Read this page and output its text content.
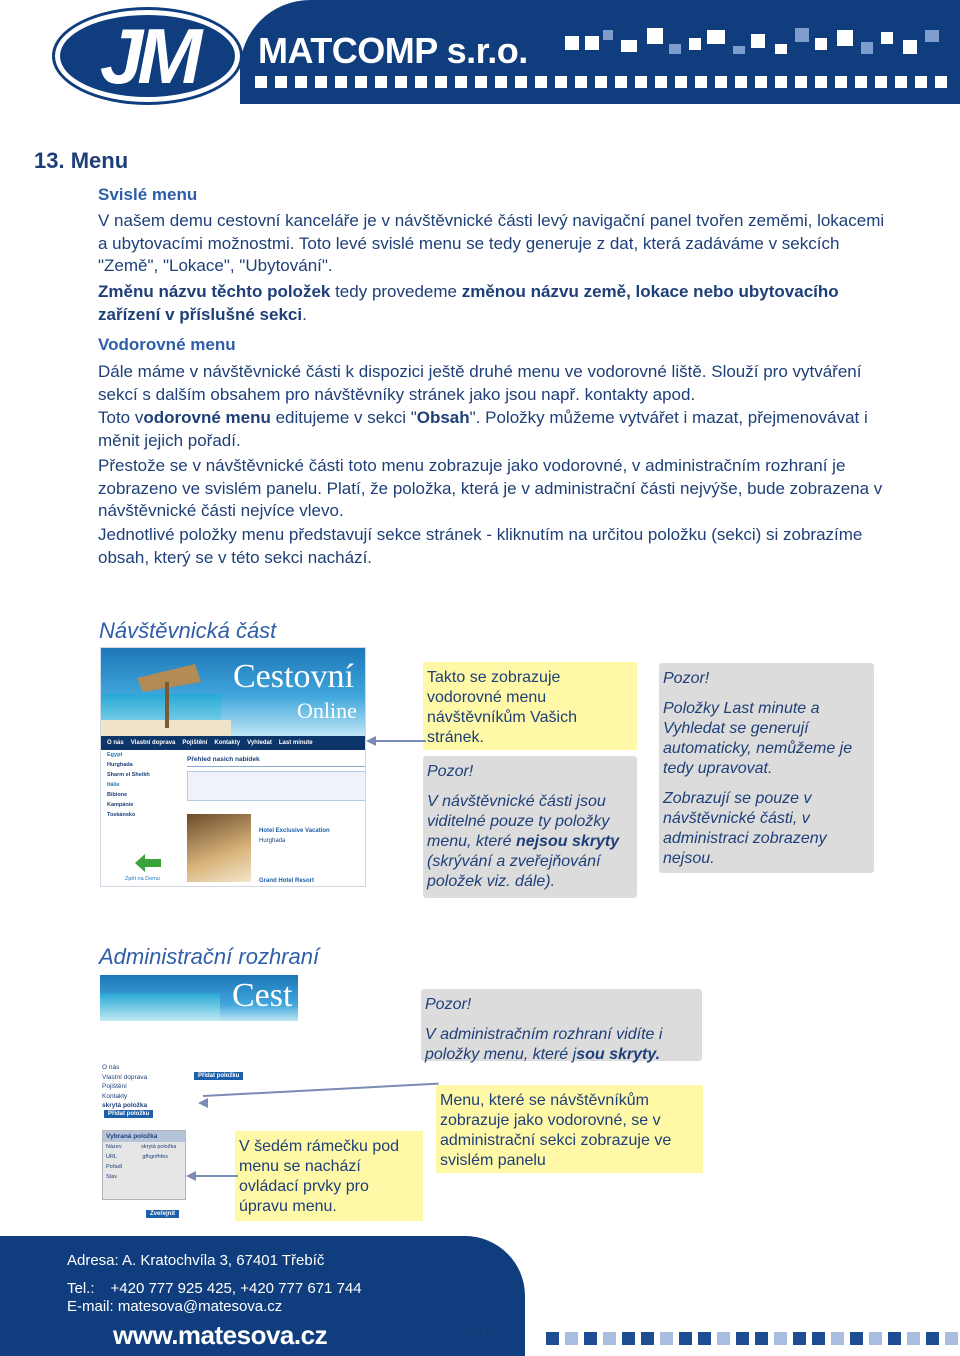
JM	MATCOMP s.r.o.
13. Menu
Svislé menu
V našem demu cestovní kanceláře je v návštěvnické části levý navigační panel tvořen zeměmi, lokacemi a ubytovacími možnostmi. Toto levé svislé menu se tedy generuje z dat, která zadáváme v sekcích "Země", "Lokace", "Ubytování".
Změnu názvu těchto položek tedy provedeme změnou názvu země, lokace nebo ubytovacího zařízení v příslušné sekci.
Vodorovné menu
Dále máme v návštěvnické části k dispozici ještě druhé menu ve vodorovné liště. Slouží pro vytváření sekcí s dalším obsahem pro návštěvníky stránek jako jsou např. kontakty apod.
Toto vodorovné menu editujeme v sekci "Obsah". Položky můžeme vytvářet i mazat, přejmenovávat i měnit jejich pořadí.
Přestože se v návštěvnické části toto menu zobrazuje jako vodorovné, v administračním rozhraní je zobrazeno ve svislém panelu. Platí, že položka, která je v administrační části nejvýše, bude zobrazena v návštěvnické části nejvíce vlevo.
Jednotlivé položky menu představují sekce stránek - kliknutím na určitou položku (sekci) si zobrazíme obsah, který se v této sekci nachází.
Návštěvnická část
Cestovní
Online
O nás Vlastní doprava Pojištění Kontakty Vyhledat Last minute
Egypt
Hurghada
Sharm el Sheikh
Itálie
Bibione
Kampánie
Toskánsko
Zpět na Domu
Přehled nasich nabídek
Hotel Exclusive Vacation
Hurghada
Grand Hotel Resort
Takto se zobrazuje vodorovné menu návštěvníkům Vašich stránek.

Pozor!

V návštěvnické části jsou viditelné pouze ty položky menu, které nejsou skryty (skrývání a zveřejňování položek viz. dále).

Pozor!

Položky Last minute a Vyhledat se generují automaticky, nemůžeme je tedy upravovat.

Zobrazují se pouze v návštěvnické části, v administraci zobrazeny nejsou.

Administrační rozhraní
Cest
Přidat položku
O nás
Vlastní doprava
Pojištění
Kontakty
skrytá položka
Přidat položku
Vybraná položka
Název	skrytá položka
URL	gfhgnfhfes
Pořadí
Stav
Zveřejnit

Pozor!

V administračním rozhraní vidíte i položky menu, které jsou skryty.

Menu, které se návštěvníkům zobrazuje jako vodorovné, se v administrační sekci zobrazuje ve svislém panelu
V šedém rámečku pod menu se nachází ovládací prvky pro úpravu menu.
Adresa: A. Kratochvíla 3, 67401 Třebíč
Tel.: +420 777 925 425, +420 777 671 744
E-mail: matesova@matesova.cz
www.matesova.cz	-20-
